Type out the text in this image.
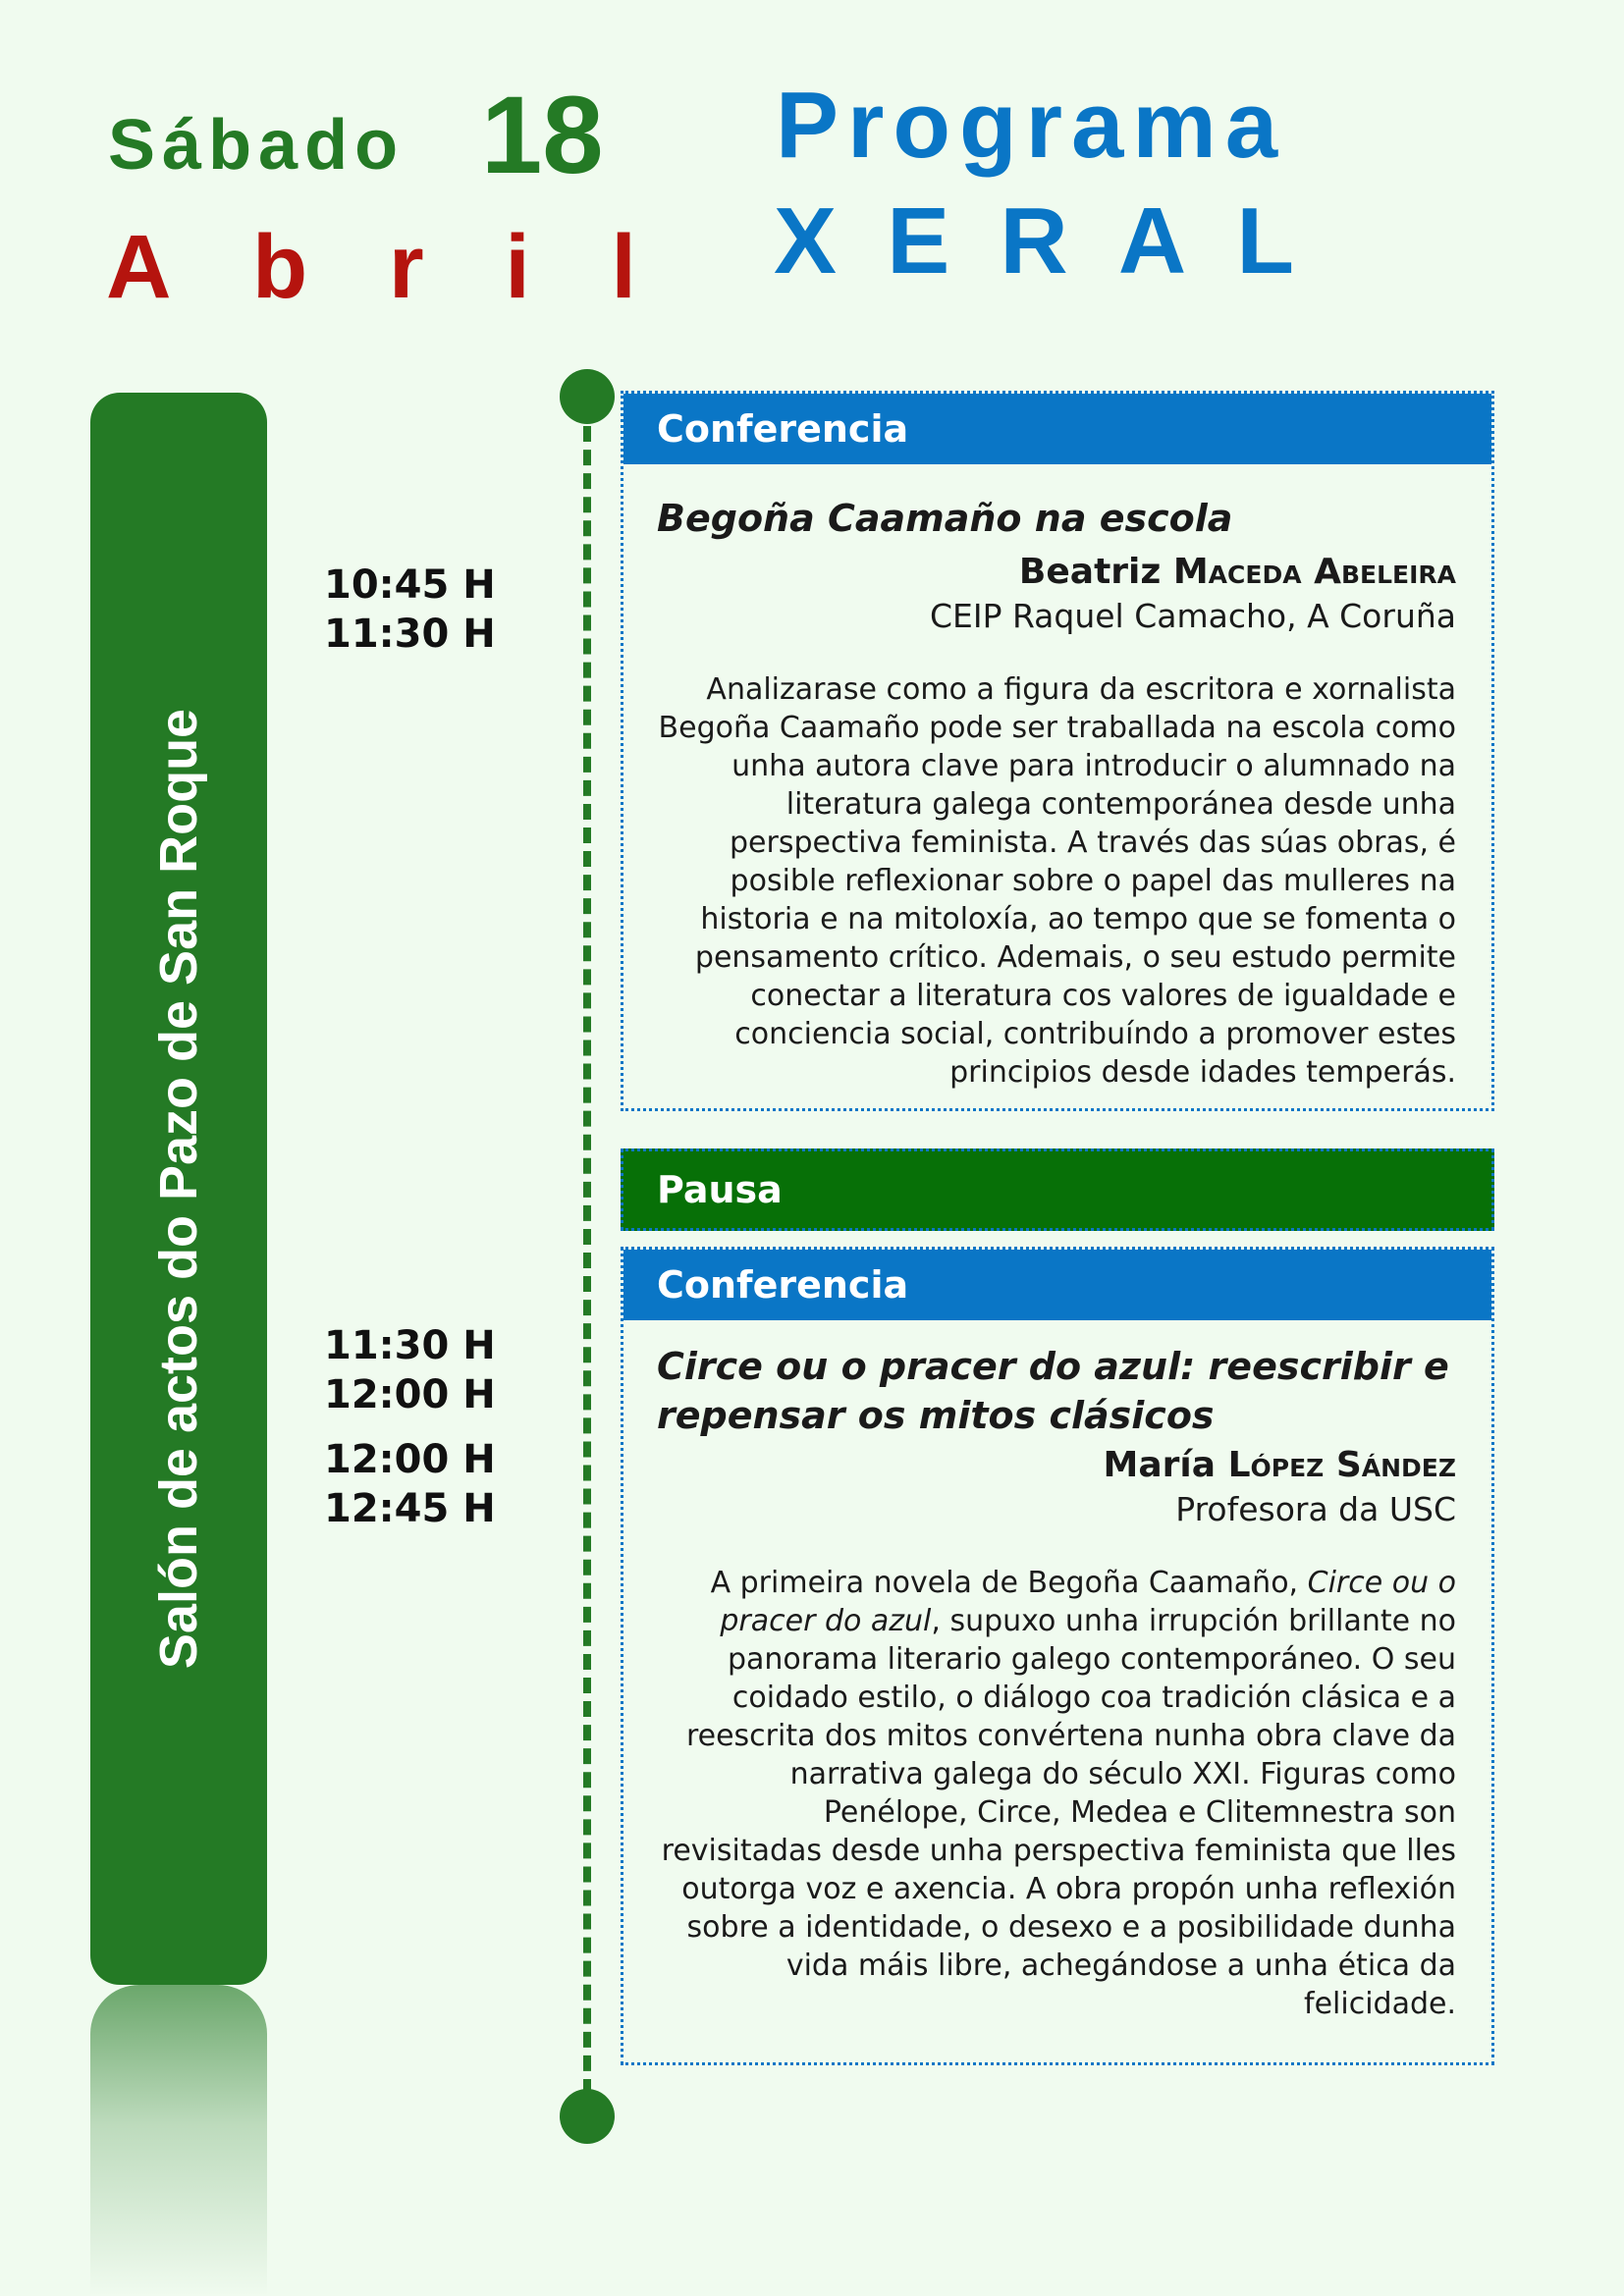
Sábado 18
A b r i l
Programa
X E R A L
Salón de actos do Pazo de San Roque
10:45 H
11:30 H
11:30 H
12:00 H
12:00 H
12:45 H
Conferencia
Begoña Caamaño na escola
Beatriz Maceda Abeleira
CEIP Raquel Camacho, A Coruña
Analizarase como a figura da escritora e xornalista Begoña Caamaño pode ser traballada na escola como unha autora clave para introducir o alumnado na literatura galega contemporánea desde unha perspectiva feminista. A través das súas obras, é posible reflexionar sobre o papel das mulleres na historia e na mitoloxía, ao tempo que se fomenta o pensamento crítico. Ademais, o seu estudo permite conectar a literatura cos valores de igualdade e conciencia social, contribuíndo a promover estes principios desde idades temperás.
Pausa
Conferencia
Circe ou o pracer do azul: reescribir e repensar os mitos clásicos
María López Sández
Profesora da USC
A primeira novela de Begoña Caamaño, Circe ou o pracer do azul, supuxo unha irrupción brillante no panorama literario galego contemporáneo. O seu coidado estilo, o diálogo coa tradición clásica e a reescrita dos mitos convértena nunha obra clave da narrativa galega do século XXI. Figuras como Penélope, Circe, Medea e Clitemnestra son revisitadas desde unha perspectiva feminista que lles outorga voz e axencia. A obra propón unha reflexión sobre a identidade, o desexo e a posibilidade dunha vida máis libre, achegándose a unha ética da felicidade.
